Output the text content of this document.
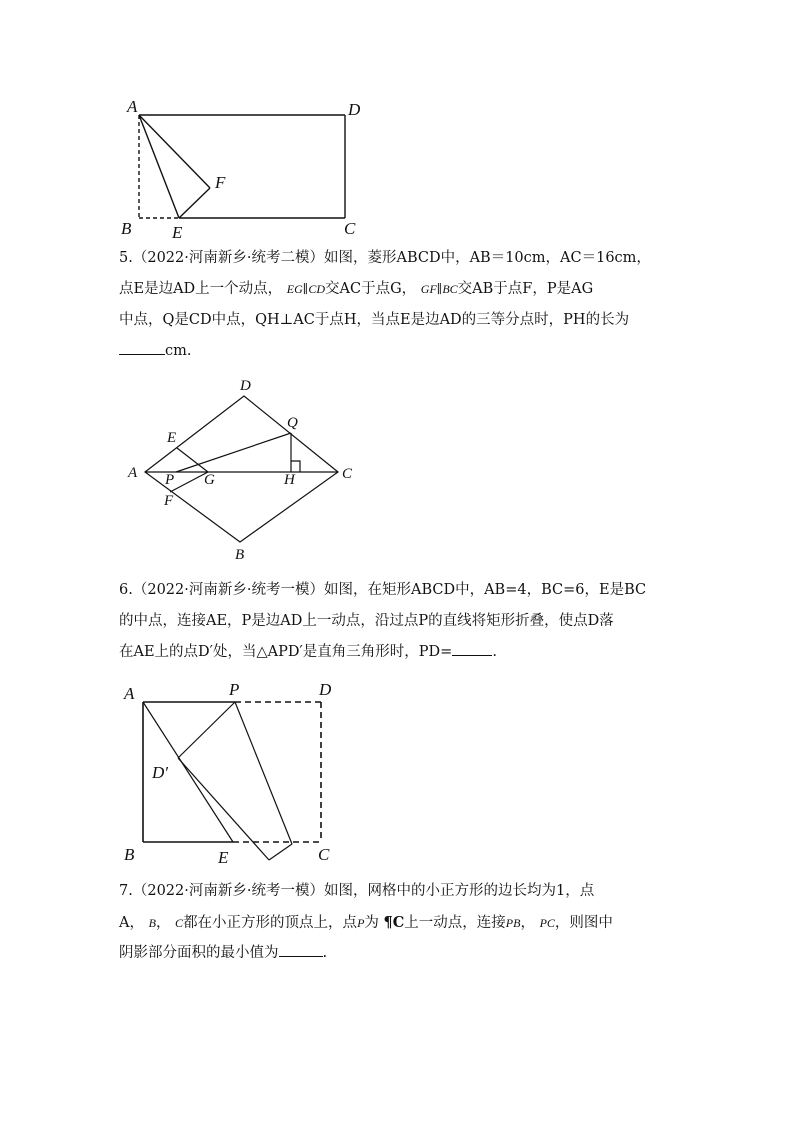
A	D
F
B E	C
5.（2022·河南新乡·统考二模）如图，菱形ABCD中，AB＝10cm，AC＝16cm，
点E是边AD上一个动点， EG∥CD交AC于点G， GF∥BC交AB于点F，P是AG
中点，Q是CD中点，QH⊥AC于点H，当点E是边AD的三等分点时，PH的长为
cm.
D
Q
E
A	C
P G	H
F
B
6.（2022·河南新乡·统考一模）如图，在矩形ABCD中，AB=4，BC=6，E是BC
的中点，连接AE，P是边AD上一动点，沿过点P的直线将矩形折叠，使点D落
在AE上的点D′处，当△APD′是直角三角形时，PD=	.
A	P	D
D′
B	E	C
7.（2022·河南新乡·统考一模）如图，网格中的小正方形的边长均为1，点
A， B， C都在小正方形的顶点上，点P为 ¶C上一动点，连接PB， PC，则图中
阴影部分面积的最小值为	.
